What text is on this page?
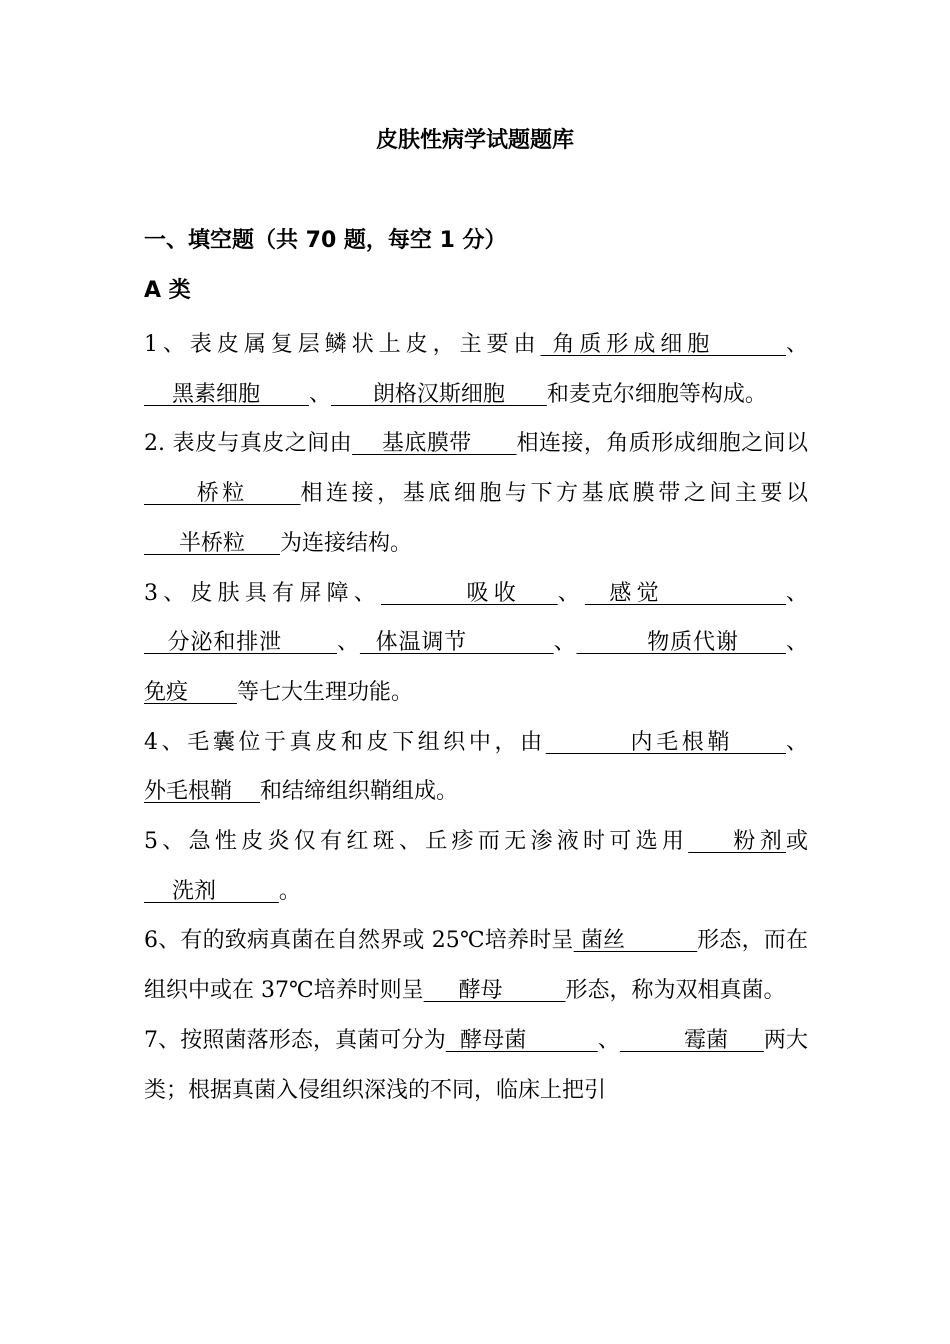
皮肤性病学试题题库
一、填空题（共 70 题，每空 1 分）
A 类

1、表皮属复层鳞状上皮，主要由 角质形成细胞      、    黑素细胞       、      朗格汉斯细胞      和麦克尔细胞等构成。

2. 表皮与真皮之间由    基底膜带      相连接，角质形成细胞之间以     桥粒     相连接，基底细胞与下方基底膜带之间主要以     半桥粒     为连接结构。

3、皮肤具有屏障、       吸收   、  感觉          、   分泌和排泄       、  体温调节           、         物质代谢      、免疫       等七大生理功能。

4、毛囊位于真皮和皮下组织中，由        内毛根鞘     、外毛根鞘    和结缔组织鞘组成。

5、急性皮炎仅有红斑、丘疹而无渗液时可选用    粉剂或    洗剂         。

6、有的致病真菌在自然界或 25℃培养时呈 菌丝          形态，而在组织中或在 37℃培养时则呈     酵母         形态，称为双相真菌。

7、按照菌落形态，真菌可分为  酵母菌          、         霉菌     两大类；根据真菌入侵组织深浅的不同，临床上把引
